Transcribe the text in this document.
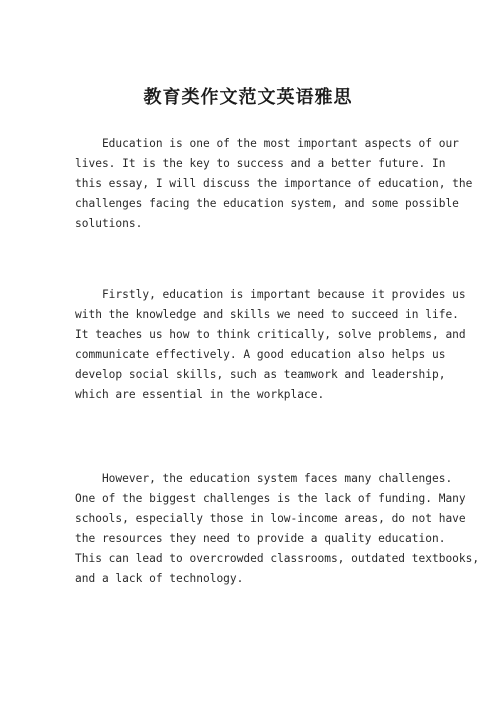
教育类作文范文英语雅思
Education is one of the most important aspects of our
lives. It is the key to success and a better future. In
this essay, I will discuss the importance of education, the
challenges facing the education system, and some possible
solutions.
Firstly, education is important because it provides us
with the knowledge and skills we need to succeed in life.
It teaches us how to think critically, solve problems, and
communicate effectively. A good education also helps us
develop social skills, such as teamwork and leadership,
which are essential in the workplace.
However, the education system faces many challenges.
One of the biggest challenges is the lack of funding. Many
schools, especially those in low-income areas, do not have
the resources they need to provide a quality education.
This can lead to overcrowded classrooms, outdated textbooks,
and a lack of technology.
